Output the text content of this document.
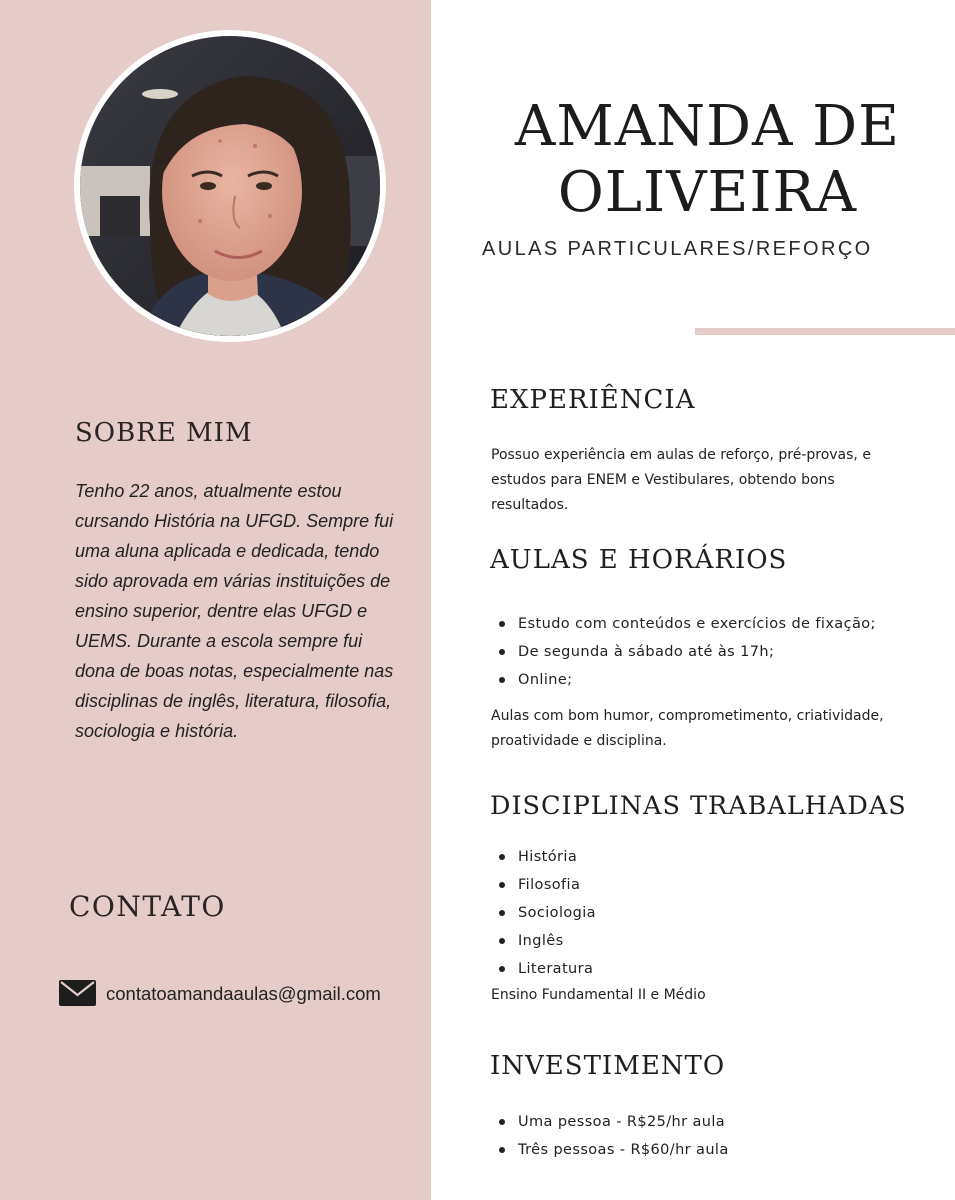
SOBRE MIM

Tenho 22 anos, atualmente estou cursando História na UFGD. Sempre fui uma aluna aplicada e dedicada, tendo sido aprovada em várias instituições de ensino superior, dentre elas UFGD e UEMS. Durante a escola sempre fui dona de boas notas, especialmente nas disciplinas de inglês, literatura, filosofia, sociologia e história.

CONTATO
contatoamandaaulas@gmail.com
AMANDA DE
OLIVEIRA
AULAS PARTICULARES/REFORÇO
EXPERIÊNCIA

Possuo experiência em aulas de reforço, pré-provas, e estudos para ENEM e Vestibulares, obtendo bons resultados.

AULAS E HORÁRIOS
Estudo com conteúdos e exercícios de fixação;
De segunda à sábado até às 17h;
Online;

Aulas com bom humor, comprometimento, criatividade, proatividade e disciplina.

DISCIPLINAS TRABALHADAS
História
Filosofia
Sociologia
Inglês
Literatura

Ensino Fundamental II e Médio

INVESTIMENTO
Uma pessoa - R$25/hr aula
Três pessoas - R$60/hr aula
